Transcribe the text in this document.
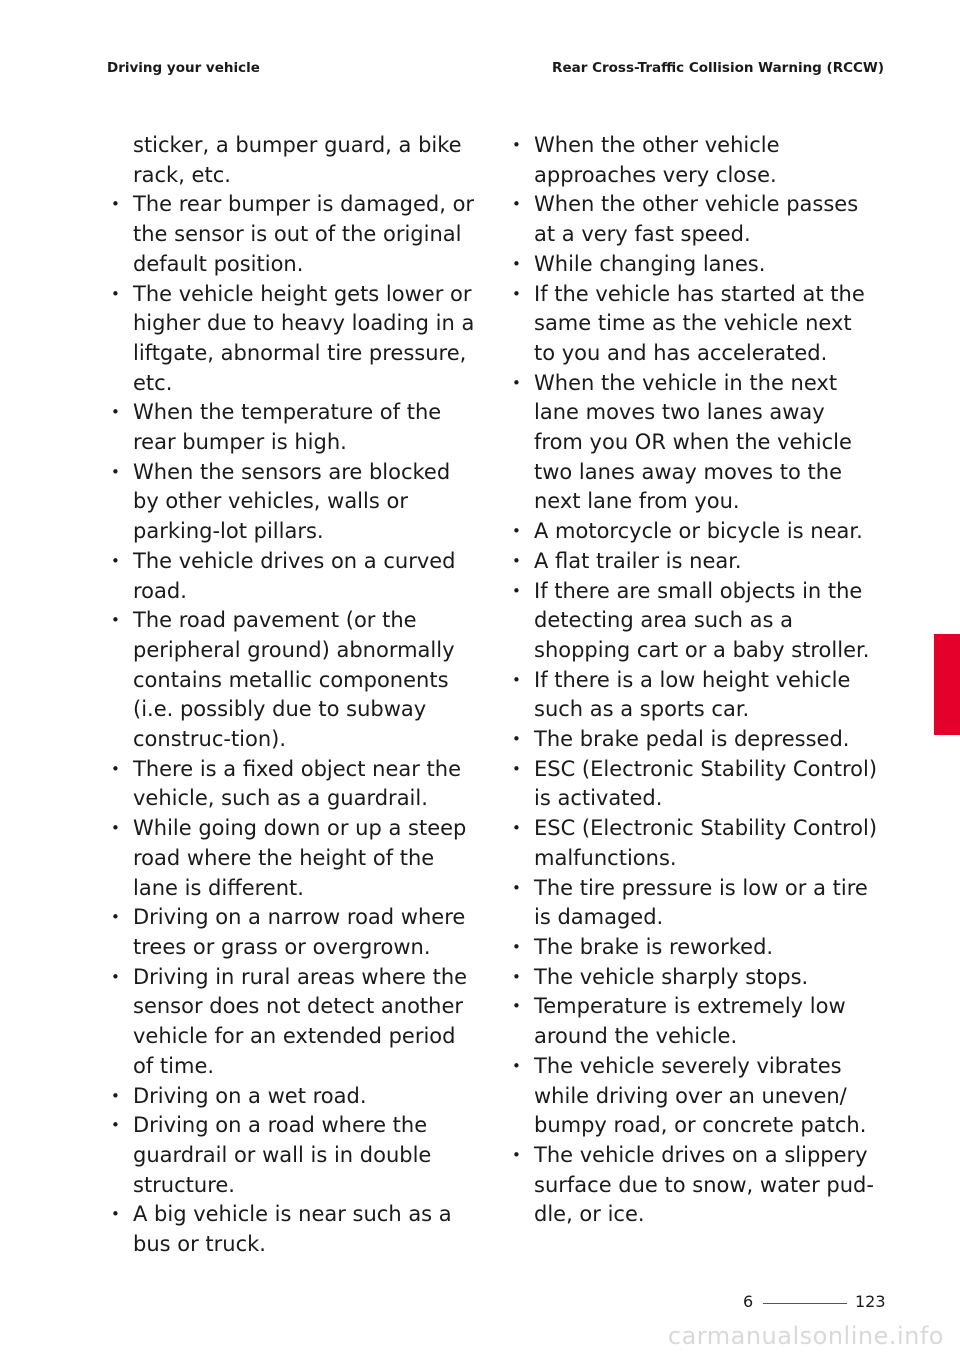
Driving your vehicle	Rear Cross-Traffic Collision Warning (RCCW)
sticker, a bumper guard, a bike rack, etc.
• The rear bumper is damaged, or the sensor is out of the original default position.
• The vehicle height gets lower or higher due to heavy loading in a liftgate, abnormal tire pressure, etc.
• When the temperature of the rear bumper is high.
• When the sensors are blocked by other vehicles, walls or parking-lot pillars.
• The vehicle drives on a curved road.
• The road pavement (or the peripheral ground) abnormally contains metallic components (i.e. possibly due to subway construc-tion).
• There is a fixed object near the vehicle, such as a guardrail.
• While going down or up a steep road where the height of the lane is different.
• Driving on a narrow road where trees or grass or overgrown.
• Driving in rural areas where the sensor does not detect another vehicle for an extended period of time.
• Driving on a wet road.
• Driving on a road where the guardrail or wall is in double structure.
• A big vehicle is near such as a bus or truck.
• When the other vehicle approaches very close.
• When the other vehicle passes at a very fast speed.
• While changing lanes.
• If the vehicle has started at the same time as the vehicle next to you and has accelerated.
• When the vehicle in the next lane moves two lanes away from you OR when the vehicle two lanes away moves to the next lane from you.
• A motorcycle or bicycle is near.
• A flat trailer is near.
• If there are small objects in the detecting area such as a shopping cart or a baby stroller.
• If there is a low height vehicle such as a sports car.
• The brake pedal is depressed.
• ESC (Electronic Stability Control) is activated.
• ESC (Electronic Stability Control) malfunctions.
• The tire pressure is low or a tire is damaged.
• The brake is reworked.
• The vehicle sharply stops.
• Temperature is extremely low around the vehicle.
• The vehicle severely vibrates while driving over an uneven/ bumpy road, or concrete patch.
• The vehicle drives on a slippery surface due to snow, water pud-dle, or ice.
6
6	123
carmanualsonline.info
